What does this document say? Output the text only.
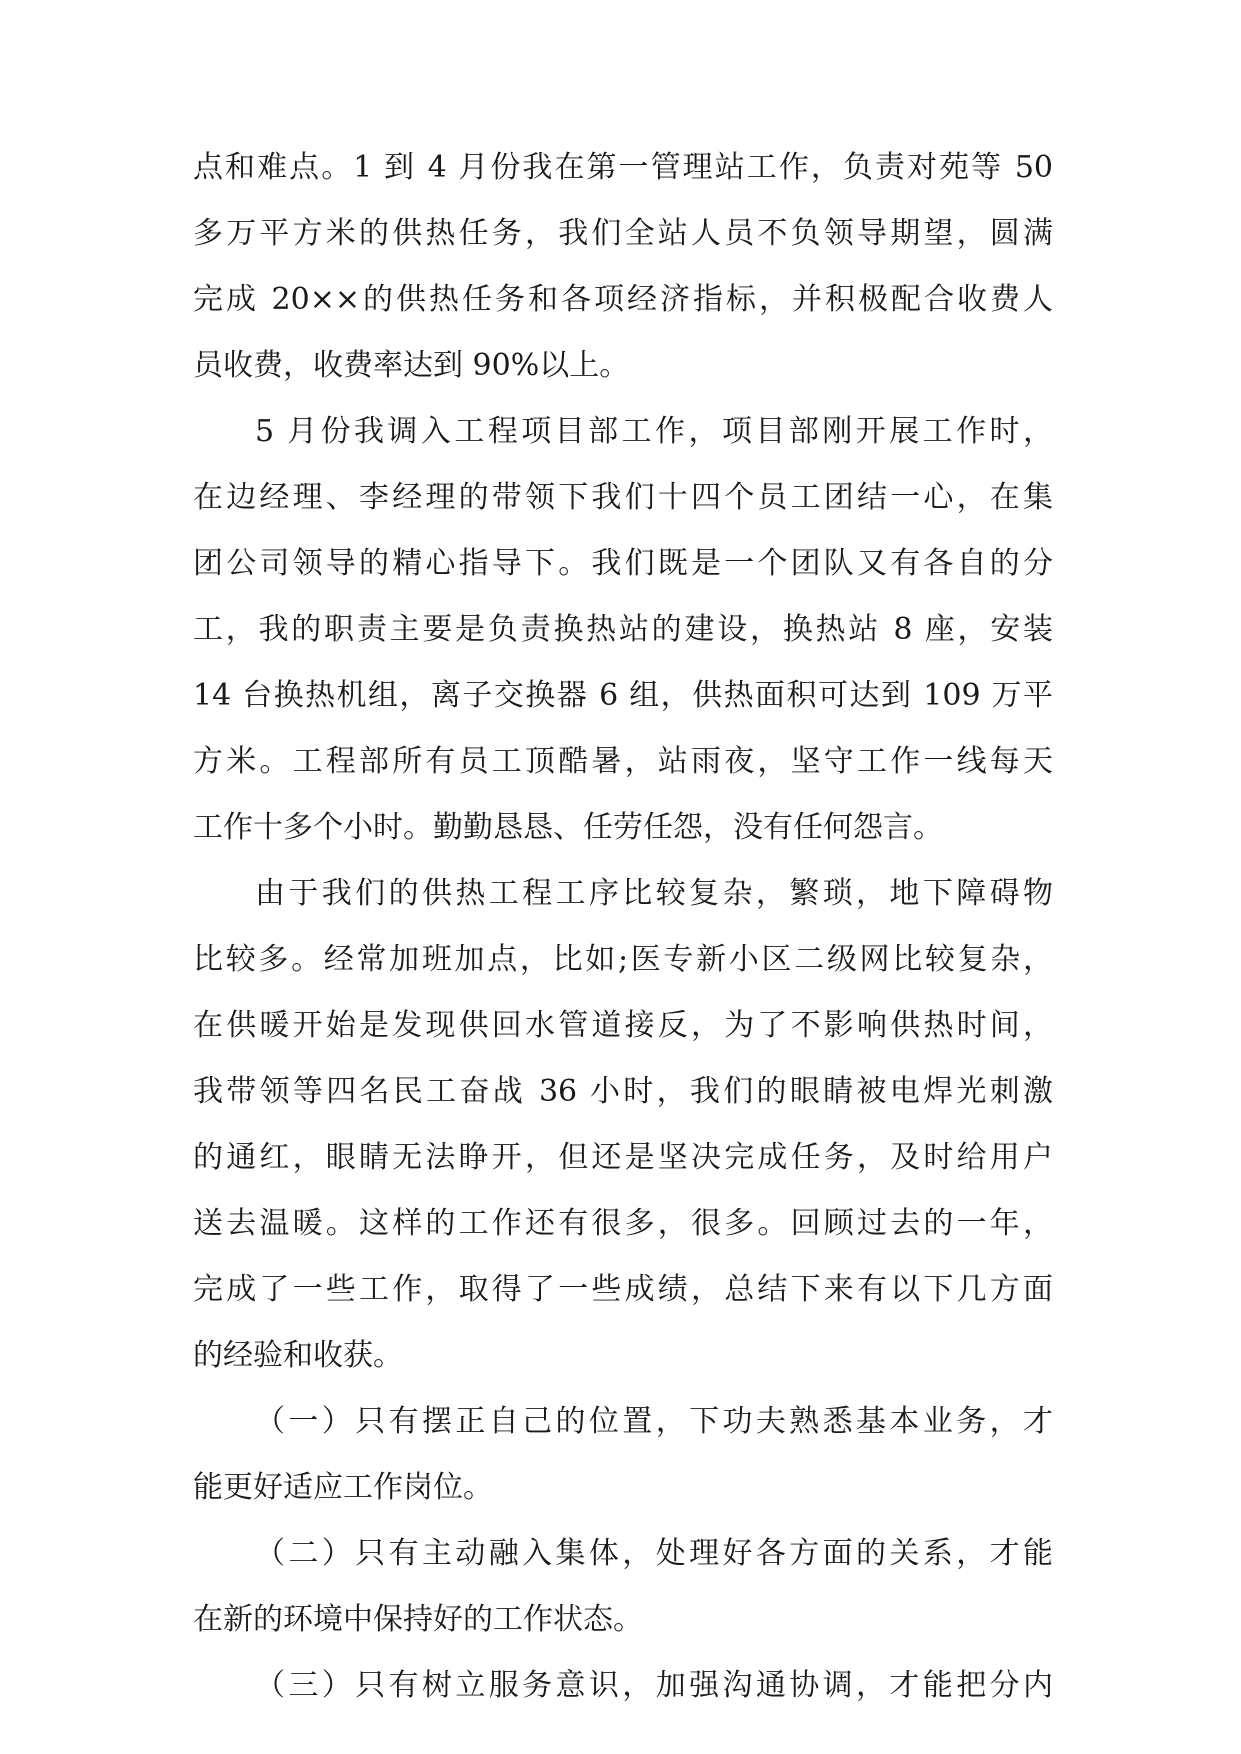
点和难点。1 到 4 月份我在第一管理站工作，负责对苑等 50
多万平方米的供热任务，我们全站人员不负领导期望，圆满
完成 20××的供热任务和各项经济指标，并积极配合收费人
员收费，收费率达到 90%以上。
5 月份我调入工程项目部工作，项目部刚开展工作时，
在边经理、李经理的带领下我们十四个员工团结一心，在集
团公司领导的精心指导下。我们既是一个团队又有各自的分
工，我的职责主要是负责换热站的建设，换热站 8 座，安装
14 台换热机组，离子交换器 6 组，供热面积可达到 109 万平
方米。工程部所有员工顶酷暑，站雨夜，坚守工作一线每天
工作十多个小时。勤勤恳恳、任劳任怨，没有任何怨言。
由于我们的供热工程工序比较复杂，繁琐，地下障碍物
比较多。经常加班加点，比如;医专新小区二级网比较复杂，
在供暖开始是发现供回水管道接反，为了不影响供热时间，
我带领等四名民工奋战 36 小时，我们的眼睛被电焊光刺激
的通红，眼睛无法睁开，但还是坚决完成任务，及时给用户
送去温暖。这样的工作还有很多，很多。回顾过去的一年，
完成了一些工作，取得了一些成绩，总结下来有以下几方面
的经验和收获。
（一）只有摆正自己的位置，下功夫熟悉基本业务，才
能更好适应工作岗位。
（二）只有主动融入集体，处理好各方面的关系，才能
在新的环境中保持好的工作状态。
（三）只有树立服务意识，加强沟通协调，才能把分内
